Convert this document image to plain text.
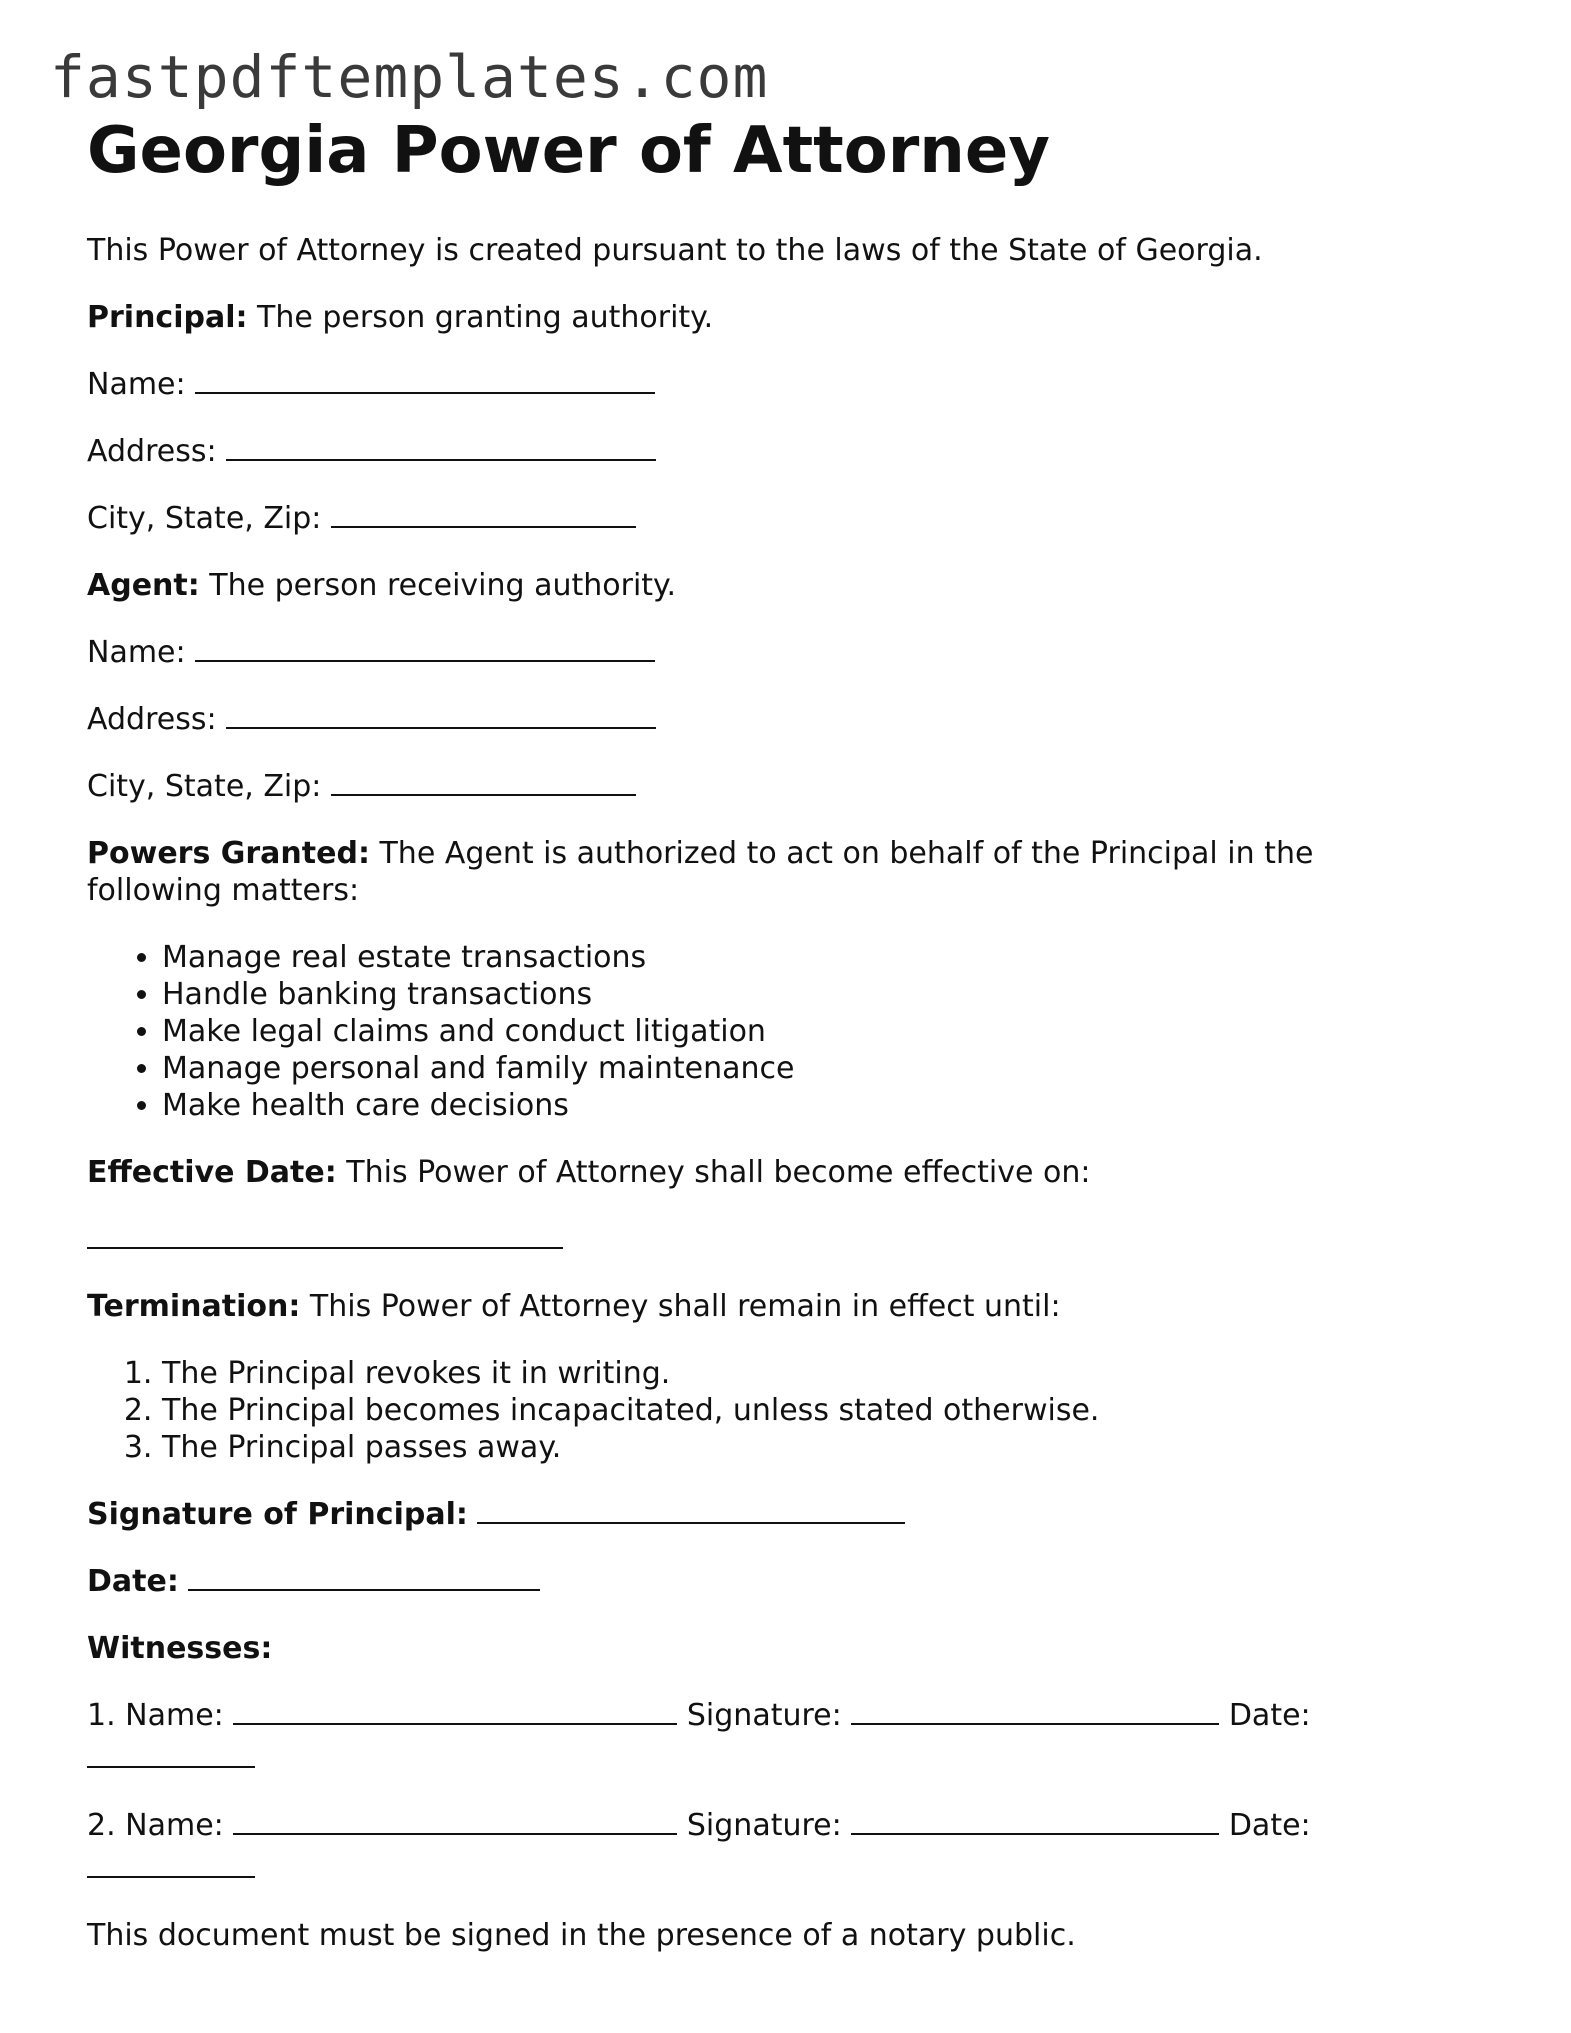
fastpdftemplates.com
Georgia Power of Attorney

This Power of Attorney is created pursuant to the laws of the State of Georgia.

Principal: The person granting authority.

Name:

Address:

City, State, Zip:

Agent: The person receiving authority.

Name:

Address:

City, State, Zip:

Powers Granted: The Agent is authorized to act on behalf of the Principal in the following matters:

• Manage real estate transactions
• Handle banking transactions
• Make legal claims and conduct litigation
• Manage personal and family maintenance
• Make health care decisions

Effective Date: This Power of Attorney shall become effective on:

Termination: This Power of Attorney shall remain in effect until:

1. The Principal revokes it in writing.
2. The Principal becomes incapacitated, unless stated otherwise.
3. The Principal passes away.

Signature of Principal:

Date:

Witnesses:

1. Name:	Signature:	Date:

2. Name:	Signature:	Date:

This document must be signed in the presence of a notary public.
